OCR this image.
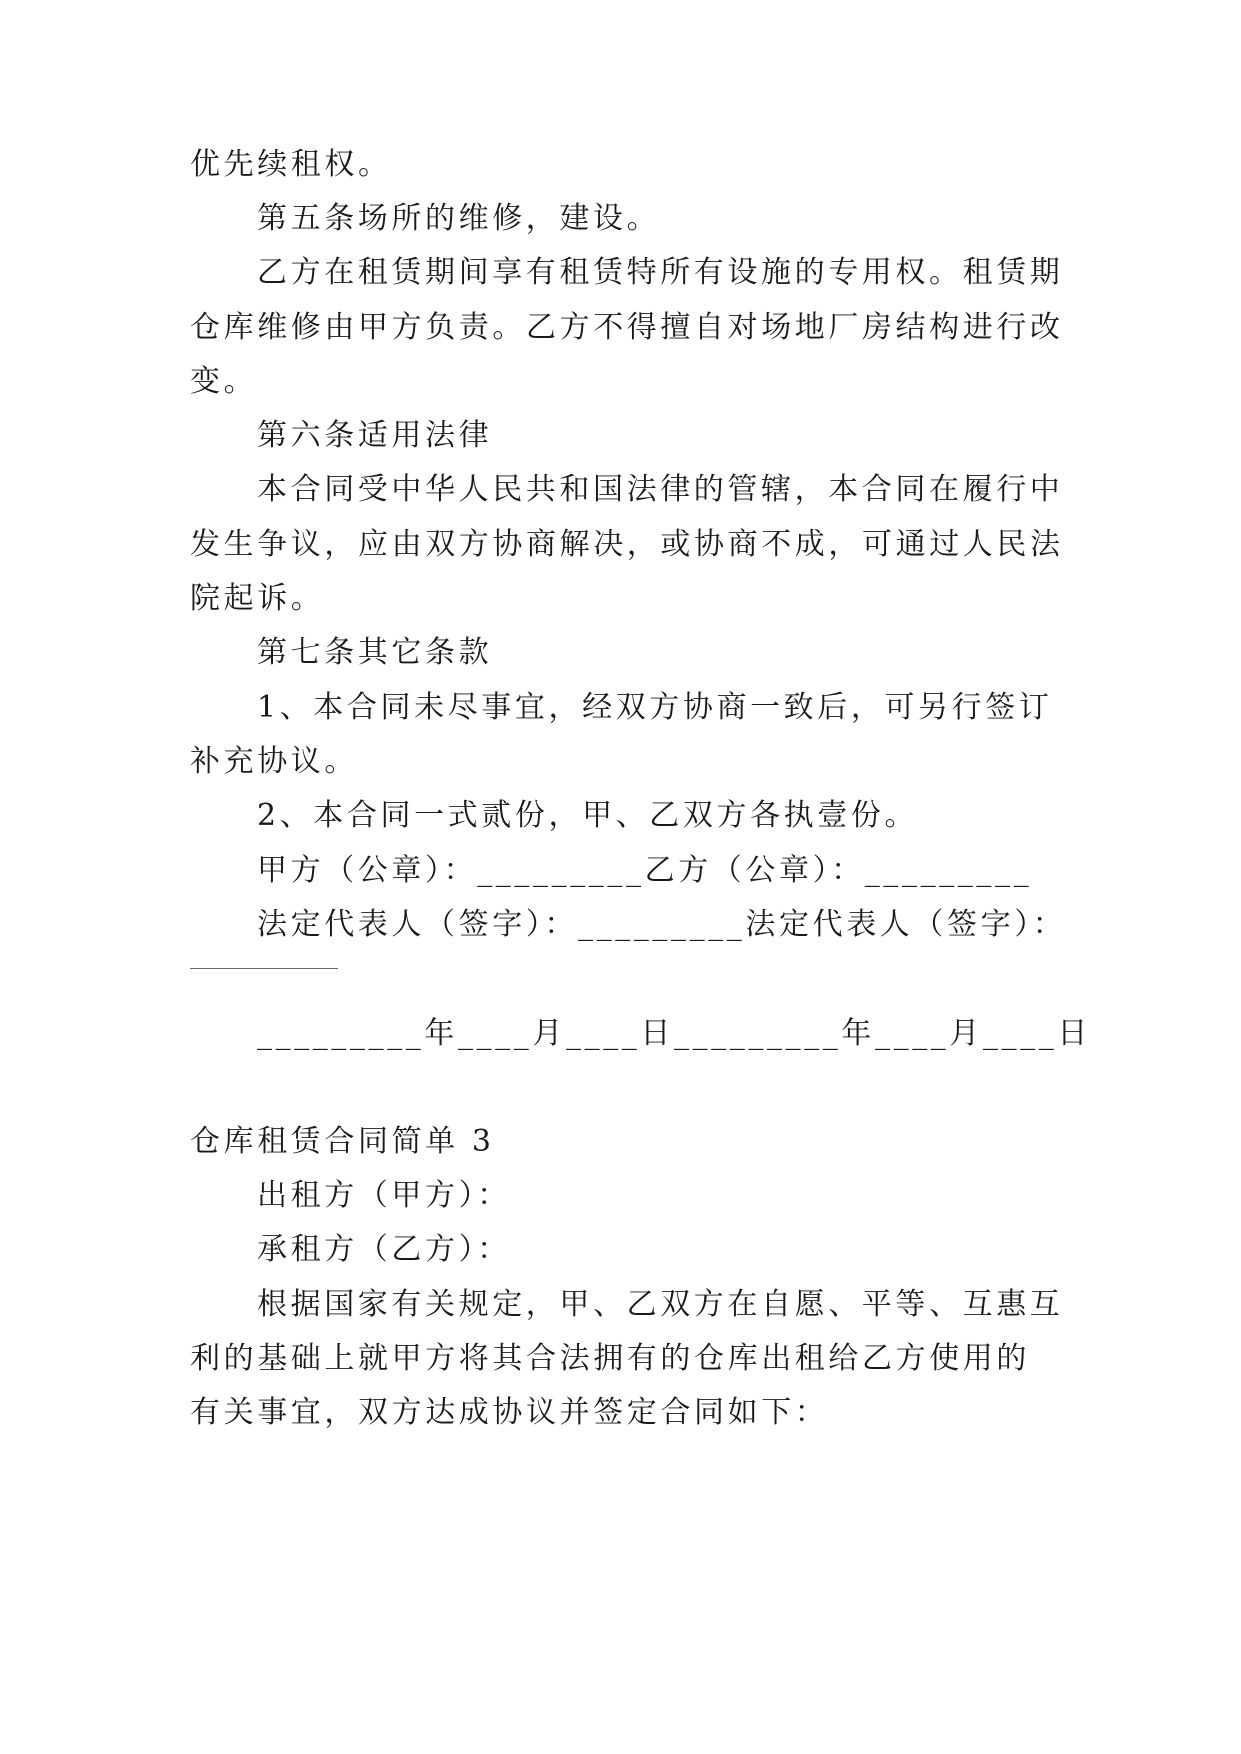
优先续租权。
第五条场所的维修，建设。
乙方在租赁期间享有租赁特所有设施的专用权。租赁期
仓库维修由甲方负责。乙方不得擅自对场地厂房结构进行改
变。
第六条适用法律
本合同受中华人民共和国法律的管辖，本合同在履行中
发生争议，应由双方协商解决，或协商不成，可通过人民法
院起诉。
第七条其它条款
1、本合同未尽事宜，经双方协商一致后，可另行签订
补充协议。
2、本合同一式贰份，甲、乙双方各执壹份。
甲方（公章）：_________乙方（公章）：_________
法定代表人（签字）：_________法定代表人（签字）：
_________年____月____日_________年____月____日
仓库租赁合同简单 3
出租方（甲方）：
承租方（乙方）：
根据国家有关规定，甲、乙双方在自愿、平等、互惠互
利的基础上就甲方将其合法拥有的仓库出租给乙方使用的
有关事宜，双方达成协议并签定合同如下：
